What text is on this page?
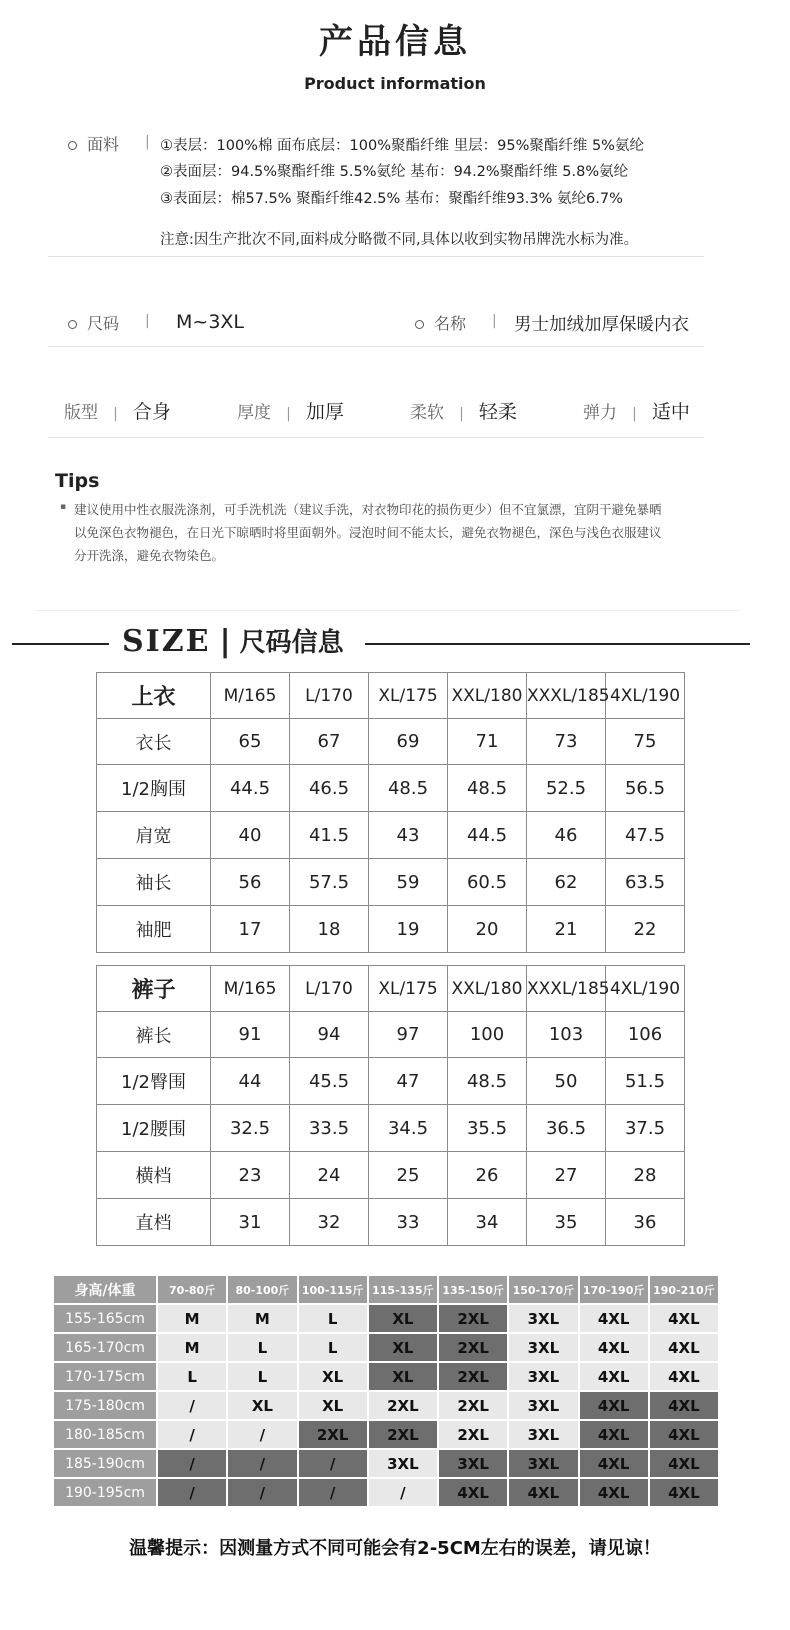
产品信息
Product information
面料 | ①表层：100%棉 面布底层：100%聚酯纤维 里层：95%聚酯纤维 5%氨纶
②表面层：94.5%聚酯纤维 5.5%氨纶 基布：94.2%聚酯纤维 5.8%氨纶
③表面层：棉57.5% 聚酯纤维42.5% 基布：聚酯纤维93.3% 氨纶6.7%
注意:因生产批次不同,面料成分略微不同,具体以收到实物吊牌洗水标为准。
尺码 | M~3XL	名称 | 男士加绒加厚保暖内衣
版型 | 合身	厚度 | 加厚	柔软 | 轻柔	弹力 | 适中
Tips
▪ 建议使用中性衣服洗涤剂，可手洗机洗（建议手洗，对衣物印花的损伤更少）但不宜氯漂，宜阴干避免暴晒
以免深色衣物褪色，在日光下晾晒时将里面朝外。浸泡时间不能太长，避免衣物褪色，深色与浅色衣服建议
分开洗涤，避免衣物染色。
SIZE | 尺码信息
上衣	M/165	L/170	XL/175	XXL/180	XXXL/185	4XL/190
衣长	65	67	69	71	73	75
1/2胸围	44.5	46.5	48.5	48.5	52.5	56.5
肩宽	40	41.5	43	44.5	46	47.5
袖长	56	57.5	59	60.5	62	63.5
袖肥	17	18	19	20	21	22
裤子	M/165	L/170	XL/175	XXL/180	XXXL/185	4XL/190
裤长	91	94	97	100	103	106
1/2臀围	44	45.5	47	48.5	50	51.5
1/2腰围	32.5	33.5	34.5	35.5	36.5	37.5
横档	23	24	25	26	27	28
直档	31	32	33	34	35	36
身高/体重	70-80斤	80-100斤	100-115斤	115-135斤	135-150斤	150-170斤	170-190斤	190-210斤
155-165cm	M	M	L	XL	2XL	3XL	4XL	4XL
165-170cm	M	L	L	XL	2XL	3XL	4XL	4XL
170-175cm	L	L	XL	XL	2XL	3XL	4XL	4XL
175-180cm	/	XL	XL	2XL	2XL	3XL	4XL	4XL
180-185cm	/	/	2XL	2XL	2XL	3XL	4XL	4XL
185-190cm	/	/	/	3XL	3XL	3XL	4XL	4XL
190-195cm	/	/	/	/	4XL	4XL	4XL	4XL
温馨提示：因测量方式不同可能会有2-5CM左右的误差，请见谅！
